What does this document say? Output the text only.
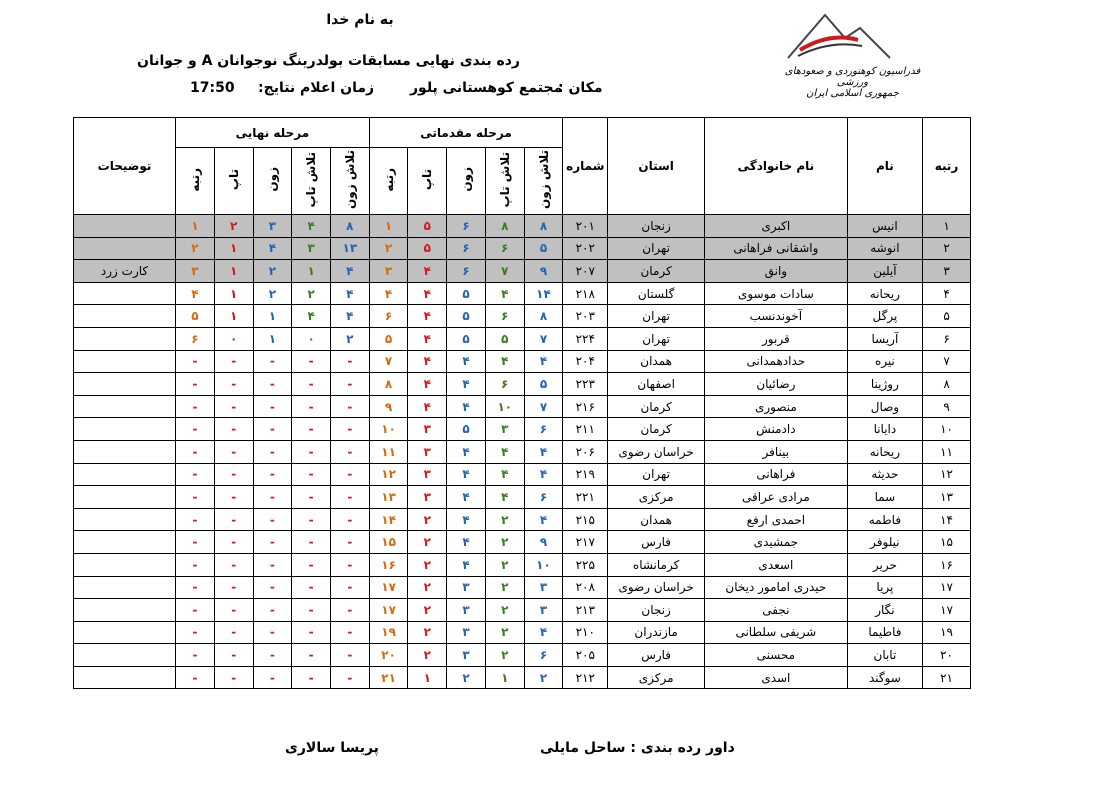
به نام خدا
رده بندی نهایی مسابقات بولدرینگ نوجوانان A و جوانان
مکان :
مجتمع کوهستانی پلور
زمان اعلام نتایج:
17:50
فدراسیون کوهنوردی و صعودهای ورزشی
جمهوری اسلامی ایران
رتبه	نام	نام خانوادگی	استان	شماره	مرحله مقدماتی					مرحله نهایی					توضیحات
					تلاش زون	تلاش تاپ	زون	تاپ	رتبه	تلاش زون	تلاش تاپ	زون	تاپ	رتبه	
۱	انیس	اکبری	زنجان	۲۰۱	۸	۸	۶	۵	۱	۸	۴	۳	۲	۱	
۲	انوشه	واشقانی فراهانی	تهران	۲۰۲	۵	۶	۶	۵	۲	۱۳	۳	۴	۱	۲	
۳	آیلین	وانق	کرمان	۲۰۷	۹	۷	۶	۴	۳	۴	۱	۲	۱	۳	کارت زرد
۴	ریحانه	سادات موسوی	گلستان	۲۱۸	۱۴	۴	۵	۴	۴	۴	۲	۲	۱	۴	
۵	پرگل	آخوندنسب	تهران	۲۰۳	۸	۶	۵	۴	۶	۴	۴	۱	۱	۵	
۶	آریسا	قربور	تهران	۲۲۴	۷	۵	۵	۴	۵	۲	۰	۱	۰	۶	
۷	نیره	حدادهمدانی	همدان	۲۰۴	۴	۴	۴	۴	۷	-	-	-	-	-	
۸	روژینا	رضائیان	اصفهان	۲۲۳	۵	۶	۴	۴	۸	-	-	-	-	-	
۹	وصال	منصوری	کرمان	۲۱۶	۷	۱۰	۴	۴	۹	-	-	-	-	-	
۱۰	دایانا	دادمنش	کرمان	۲۱۱	۶	۳	۵	۳	۱۰	-	-	-	-	-	
۱۱	ریحانه	بینافر	خراسان رضوی	۲۰۶	۴	۴	۴	۳	۱۱	-	-	-	-	-	
۱۲	حدیثه	فراهانی	تهران	۲۱۹	۴	۴	۴	۳	۱۲	-	-	-	-	-	
۱۳	سما	مرادی عراقی	مرکزی	۲۲۱	۶	۴	۴	۳	۱۳	-	-	-	-	-	
۱۴	فاطمه	احمدی ارفع	همدان	۲۱۵	۴	۲	۴	۲	۱۴	-	-	-	-	-	
۱۵	نیلوفر	جمشیدی	فارس	۲۱۷	۹	۲	۴	۲	۱۵	-	-	-	-	-	
۱۶	حریر	اسعدی	کرمانشاه	۲۲۵	۱۰	۲	۴	۲	۱۶	-	-	-	-	-	
۱۷	پریا	حیدری امامور دیخان	خراسان رضوی	۲۰۸	۳	۲	۳	۲	۱۷	-	-	-	-	-	
۱۷	نگار	نجفی	زنجان	۲۱۳	۳	۲	۳	۲	۱۷	-	-	-	-	-	
۱۹	فاطیما	شریفی سلطانی	مازندران	۲۱۰	۴	۲	۳	۲	۱۹	-	-	-	-	-	
۲۰	تابان	محسنی	فارس	۲۰۵	۶	۲	۳	۲	۲۰	-	-	-	-	-	
۲۱	سوگند	اسدی	مرکزی	۲۱۲	۲	۱	۲	۱	۲۱	-	-	-	-	-	
داور رده بندی : ساحل مایلی
پریسا سالاری
